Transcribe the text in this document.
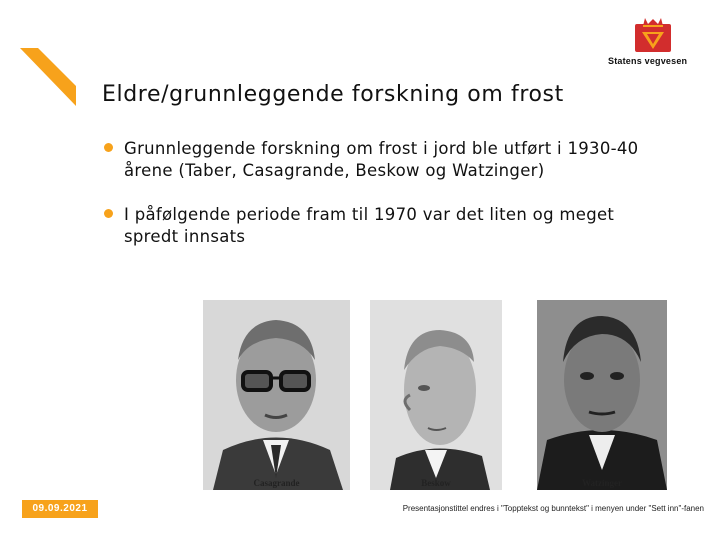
Statens vegvesen
Eldre/grunnleggende forskning om frost
Grunnleggende forskning om frost i jord ble utført i 1930-40 årene (Taber, Casagrande, Beskow og Watzinger)
I påfølgende periode fram til 1970 var det liten og meget spredt innsats
Casagrande	Beskow	Watzinger
09.09.2021	Presentasjonstittel endres i "Topptekst og bunntekst" i menyen under "Sett inn"-fanen
